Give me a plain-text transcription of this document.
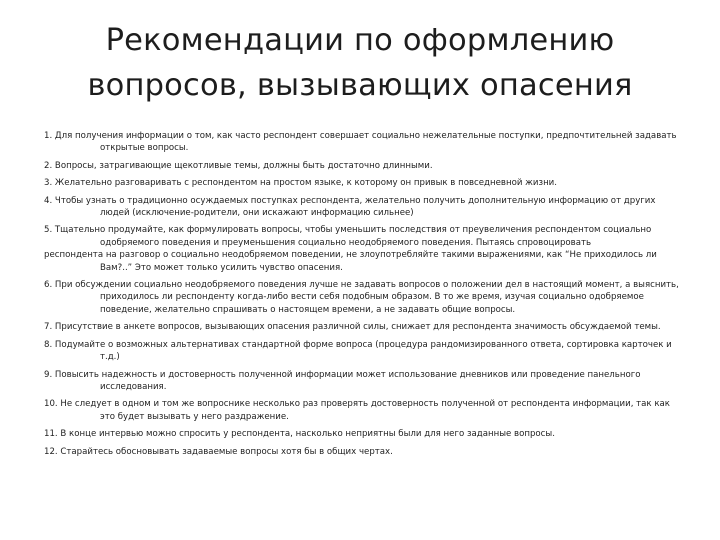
Рекомендации по оформлению
вопросов, вызывающих опасения
1. Для получения информации о том, как часто респондент совершает социально нежелательные поступки, предпочтительней задавать открытые вопросы.
2. Вопросы, затрагивающие щекотливые темы, должны быть достаточно длинными.
3. Желательно разговаривать с респондентом на простом языке, к которому он привык в повседневной жизни.
4. Чтобы узнать о традиционно осуждаемых поступках респондента, желательно получить дополнительную информацию от других людей (исключение-родители, они искажают информацию сильнее)
5. Тщательно продумайте, как формулировать вопросы, чтобы уменьшить последствия от преувеличения респондентом социально одобряемого поведения и преуменьшения социально неодобряемого поведения. Пытаясь спровоцировать
респондента на разговор о социально неодобряемом поведении, не злоупотребляйте такими выражениями, как “Не приходилось ли Вам?..” Это может только усилить чувство опасения.
6. При обсуждении социально неодобряемого поведения лучше не задавать вопросов о положении дел в настоящий момент, а выяснить, приходилось ли респонденту когда-либо вести себя подобным образом. В то же время, изучая социально одобряемое поведение, желательно спрашивать о настоящем времени, а не задавать общие вопросы.
7. Присутствие в анкете вопросов, вызывающих опасения различной силы, снижает для респондента значимость обсуждаемой темы.
8. Подумайте о возможных альтернативах стандартной форме вопроса (процедура рандомизированного ответа, сортировка карточек и т.д.)
9. Повысить надежность и достоверность полученной информации может использование дневников или проведение панельного исследования.
10. Не следует в одном и том же вопроснике несколько раз проверять достоверность полученной от респондента информации, так как это будет вызывать у него раздражение.
11. В конце интервью можно спросить у респондента, насколько неприятны были для него заданные вопросы.
12. Старайтесь обосновывать задаваемые вопросы хотя бы в общих чертах.
